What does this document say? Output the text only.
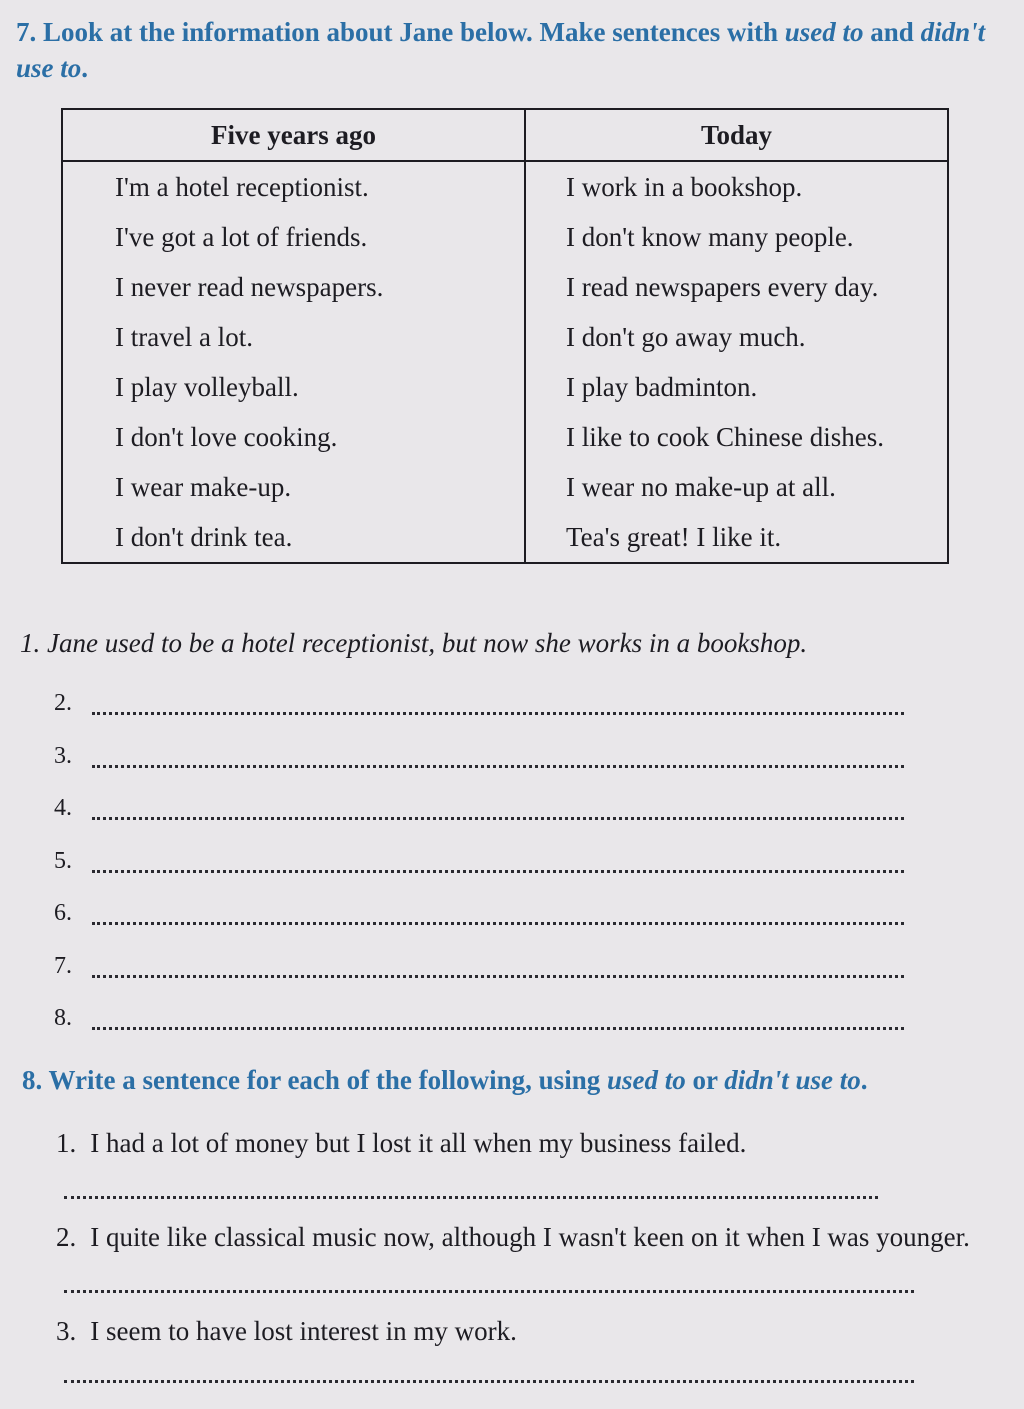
7. Look at the information about Jane below. Make sentences with used to and didn't use to.
Five years ago	Today
I'm a hotel receptionist.	I work in a bookshop.
I've got a lot of friends.	I don't know many people.
I never read newspapers.	I read newspapers every day.
I travel a lot.	I don't go away much.
I play volleyball.	I play badminton.
I don't love cooking.	I like to cook Chinese dishes.
I wear make-up.	I wear no make-up at all.
I don't drink tea.	Tea's great! I like it.
1. Jane used to be a hotel receptionist, but now she works in a bookshop.
2.
3.
4.
5.
6.
7.
8.
8. Write a sentence for each of the following, using used to or didn't use to.
1. I had a lot of money but I lost it all when my business failed.
2. I quite like classical music now, although I wasn't keen on it when I was younger.
3. I seem to have lost interest in my work.
